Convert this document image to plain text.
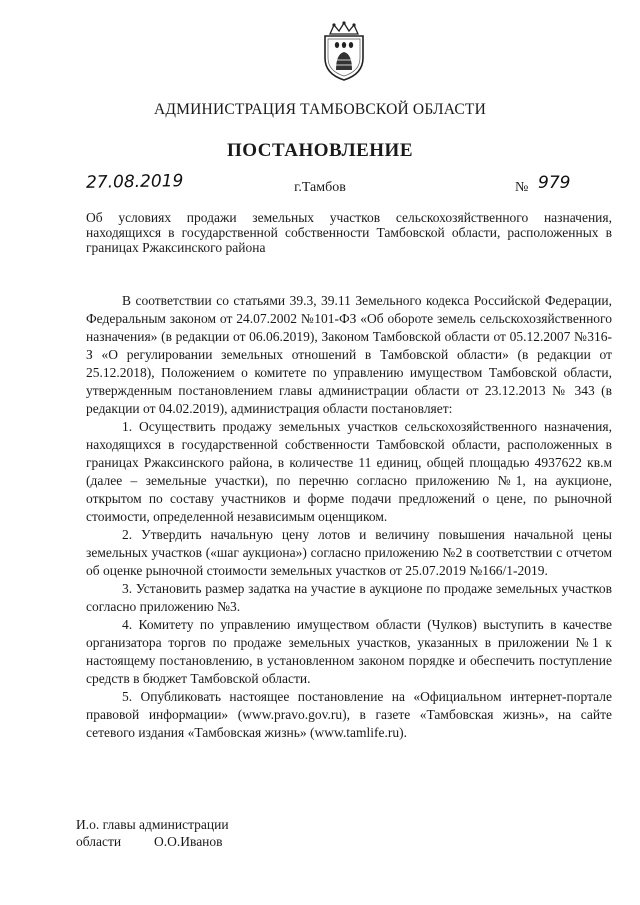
АДМИНИСТРАЦИЯ ТАМБОВСКОЙ ОБЛАСТИ
ПОСТАНОВЛЕНИЕ
27.08.2019	г.Тамбов	№ 979
Об условиях продажи земельных участков сельскохозяйственного назначения, находящихся в государственной собственности Тамбовской области, расположенных в границах Ржаксинского района

В соответствии со статьями 39.3, 39.11 Земельного кодекса Российской Федерации, Федеральным законом от 24.07.2002 №101-ФЗ «Об обороте земель сельскохозяйственного назначения» (в редакции от 06.06.2019), Законом Тамбовской области от 05.12.2007 №316-З «О регулировании земельных отношений в Тамбовской области» (в редакции от 25.12.2018), Положением о комитете по управлению имуществом Тамбовской области, утвержденным постановлением главы администрации области от 23.12.2013 № 343 (в редакции от 04.02.2019), администрация области постановляет:

1. Осуществить продажу земельных участков сельскохозяйственного назначения, находящихся в государственной собственности Тамбовской области, расположенных в границах Ржаксинского района, в количестве 11 единиц, общей площадью 4937622 кв.м (далее – земельные участки), по перечню согласно приложению №1, на аукционе, открытом по составу участников и форме подачи предложений о цене, по рыночной стоимости, определенной независимым оценщиком.

2. Утвердить начальную цену лотов и величину повышения начальной цены земельных участков («шаг аукциона») согласно приложению №2 в соответствии с отчетом об оценке рыночной стоимости земельных участков от 25.07.2019 №166/1-2019.

3. Установить размер задатка на участие в аукционе по продаже земельных участков согласно приложению №3.

4. Комитету по управлению имуществом области (Чулков) выступить в качестве организатора торгов по продаже земельных участков, указанных в приложении №1 к настоящему постановлению, в установленном законом порядке и обеспечить поступление средств в бюджет Тамбовской области.

5. Опубликовать настоящее постановление на «Официальном интернет-портале правовой информации» (www.pravo.gov.ru), в газете «Тамбовская жизнь», на сайте сетевого издания «Тамбовская жизнь» (www.tamlife.ru).

И.о. главы администрации
области О.О.Иванов
